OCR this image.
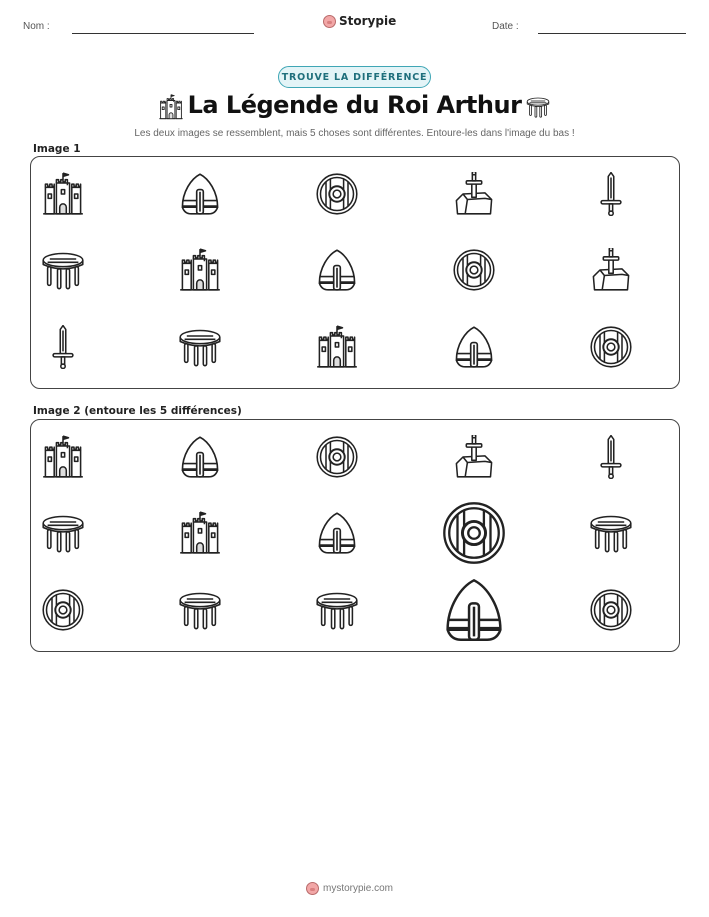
Nom :	Storypie	Date :
TROUVE LA DIFFÉRENCE
La Légende du Roi Arthur
Les deux images se ressemblent, mais 5 choses sont différentes. Entoure-les dans l'image du bas !
Image 1
Image 2 (entoure les 5 différences)
mystorypie.com
